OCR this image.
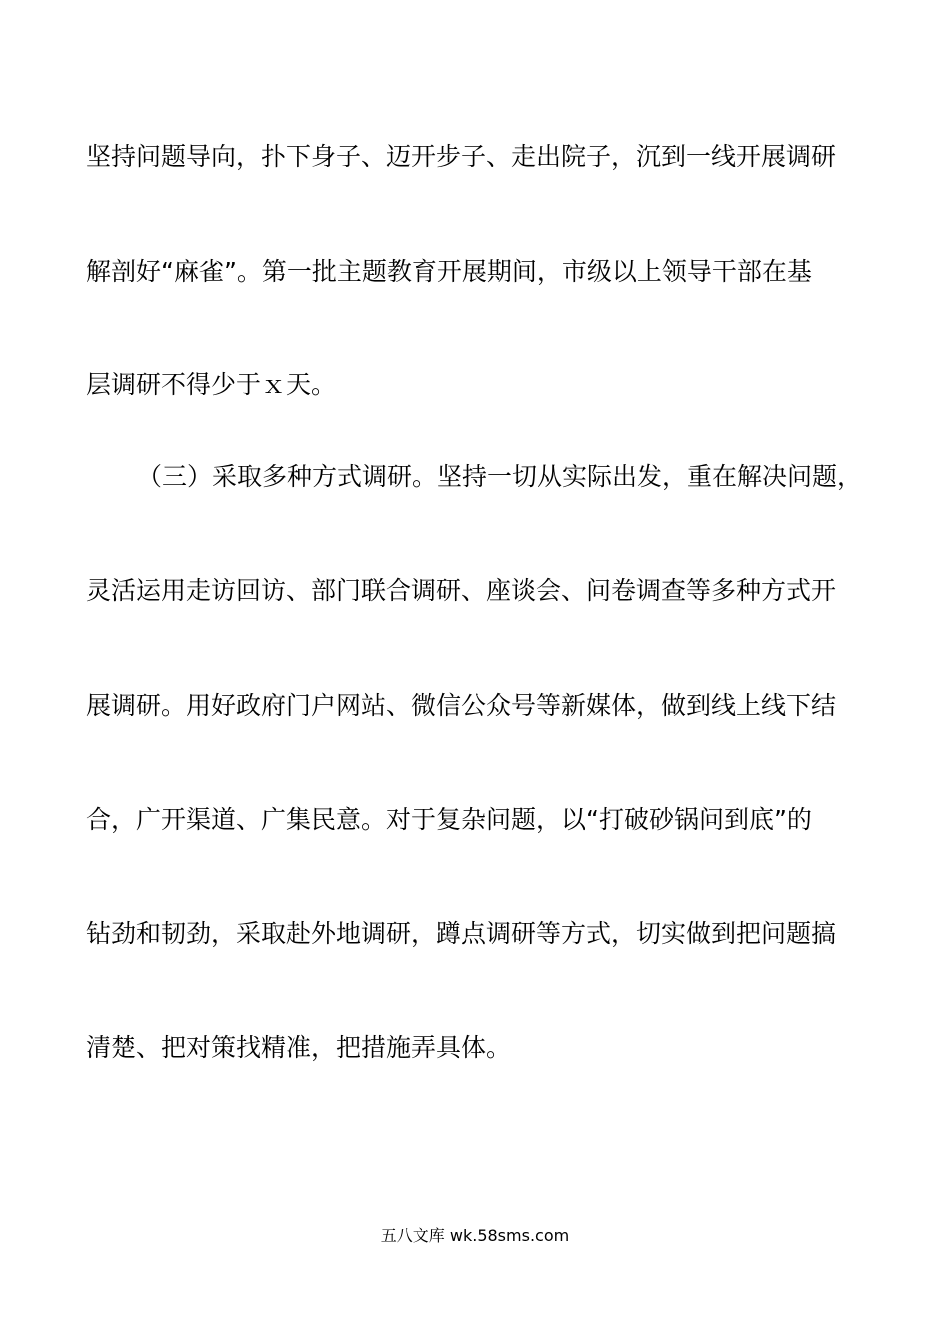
坚持问题导向，扑下身子、迈开步子、走出院子，沉到一线开展调研
解剖好“麻雀”。第一批主题教育开展期间，市级以上领导干部在基
层调研不得少于ｘ天。
（三）采取多种方式调研。坚持一切从实际出发，重在解决问题，
灵活运用走访回访、部门联合调研、座谈会、问卷调查等多种方式开
展调研。用好政府门户网站、微信公众号等新媒体，做到线上线下结
合，广开渠道、广集民意。对于复杂问题，以“打破砂锅问到底”的
钻劲和韧劲，采取赴外地调研，蹲点调研等方式，切实做到把问题搞
清楚、把对策找精准，把措施弄具体。
五八文库 wk.58sms.com
